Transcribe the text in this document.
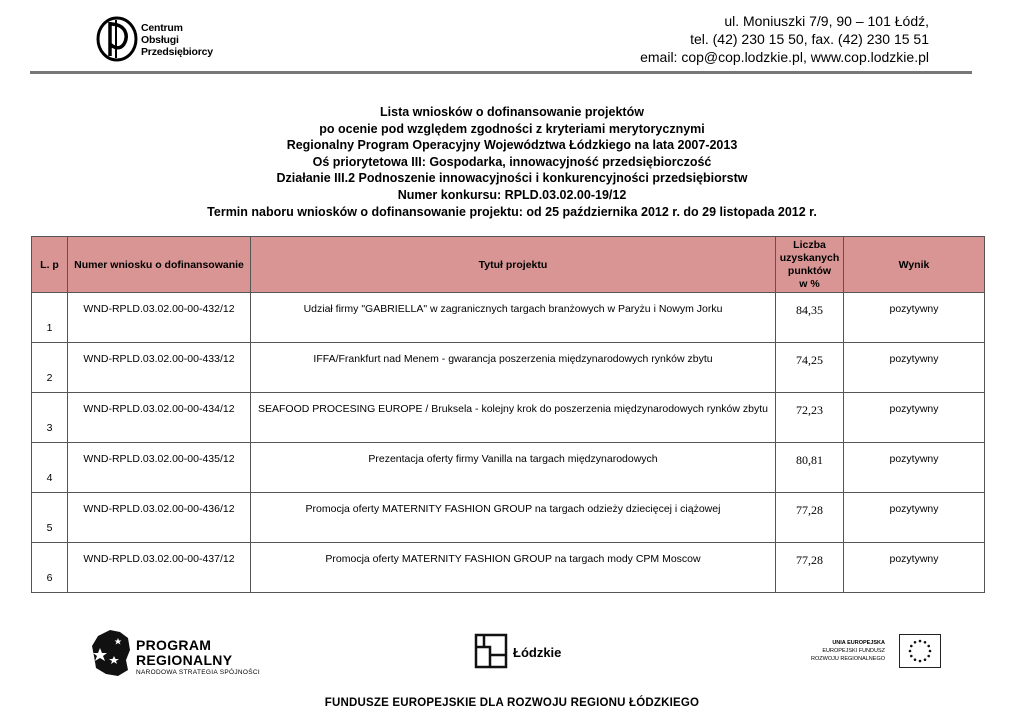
Centrum
Obsługi
Przedsiębiorcy
ul. Moniuszki 7/9, 90 – 101 Łódź,
tel. (42) 230 15 50, fax. (42) 230 15 51
email: cop@cop.lodzkie.pl, www.cop.lodzkie.pl
Lista wniosków o dofinansowanie projektów
po ocenie pod względem zgodności z kryteriami merytorycznymi
Regionalny Program Operacyjny Województwa Łódzkiego na lata 2007-2013
Oś priorytetowa III: Gospodarka, innowacyjność przedsiębiorczość
Działanie III.2 Podnoszenie innowacyjności i konkurencyjności przedsiębiorstw
Numer konkursu: RPLD.03.02.00-19/12
Termin naboru wniosków o dofinansowanie projektu: od 25 października 2012 r. do 29 listopada 2012 r.
L. p	Numer wniosku o dofinansowanie	Tytuł projektu	Liczba
uzyskanych
punktów
w %	Wynik

1	WND-RPLD.03.02.00-00-432/12	Udział firmy "GABRIELLA" w zagranicznych targach branżowych w Paryżu i Nowym Jorku	84,35	pozytywny

2	WND-RPLD.03.02.00-00-433/12	IFFA/Frankfurt nad Menem - gwarancja poszerzenia międzynarodowych rynków zbytu	74,25	pozytywny

3	WND-RPLD.03.02.00-00-434/12	SEAFOOD PROCESING EUROPE / Bruksela - kolejny krok do poszerzenia międzynarodowych rynków zbytu	72,23	pozytywny

4	WND-RPLD.03.02.00-00-435/12	Prezentacja oferty firmy Vanilla na targach międzynarodowych	80,81	pozytywny

5	WND-RPLD.03.02.00-00-436/12	Promocja oferty MATERNITY FASHION GROUP na targach odzieży dziecięcej i ciążowej	77,28	pozytywny

6	WND-RPLD.03.02.00-00-437/12	Promocja oferty MATERNITY FASHION GROUP na targach mody CPM Moscow	77,28	pozytywny
PROGRAM
REGIONALNY
NARODOWA STRATEGIA SPÓJNOŚCI
Łódzkie
UNIA EUROPEJSKA
EUROPEJSKI FUNDUSZ
ROZWOJU REGIONALNEGO
FUNDUSZE EUROPEJSKIE DLA ROZWOJU REGIONU ŁÓDZKIEGO
